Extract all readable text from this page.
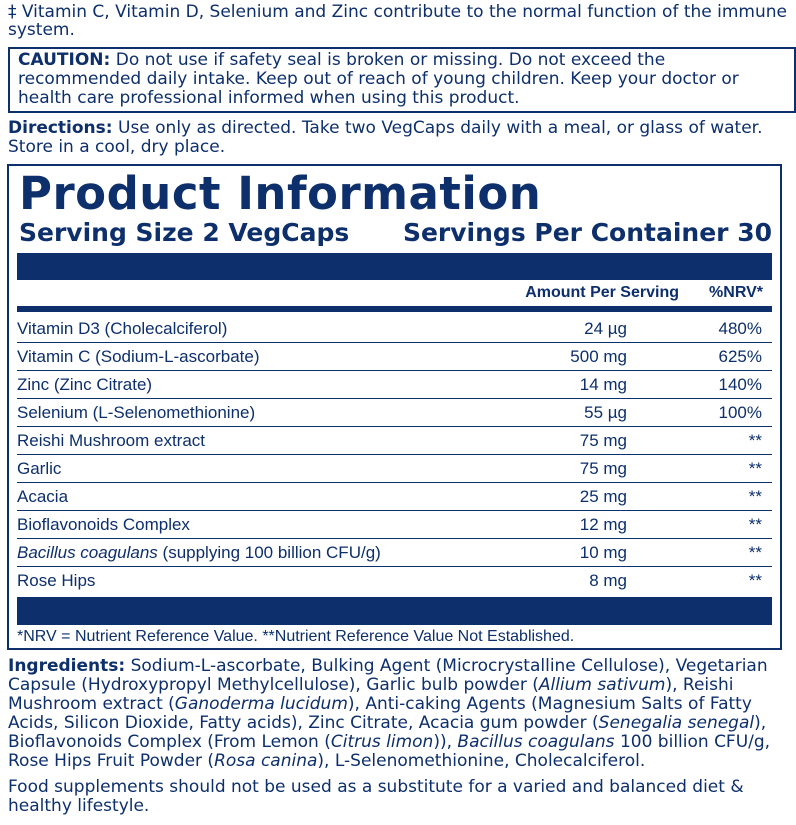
‡ Vitamin C, Vitamin D, Selenium and Zinc contribute to the normal function of the immune system.
CAUTION: Do not use if safety seal is broken or missing. Do not exceed the recommended daily intake. Keep out of reach of young children. Keep your doctor or health care professional informed when using this product.
Directions: Use only as directed. Take two VegCaps daily with a meal, or glass of water. Store in a cool, dry place.
Product Information
Serving Size 2 VegCaps Servings Per Container 30
Amount Per Serving	%NRV*
Vitamin D3 (Cholecalciferol)	24 µg	480%
Vitamin C (Sodium-L-ascorbate)	500 mg	625%
Zinc (Zinc Citrate)	14 mg	140%
Selenium (L-Selenomethionine)	55 µg	100%
Reishi Mushroom extract	75 mg	**
Garlic	75 mg	**
Acacia	25 mg	**
Bioflavonoids Complex	12 mg	**
Bacillus coagulans (supplying 100 billion CFU/g)	10 mg	**
Rose Hips	8 mg	**
*NRV = Nutrient Reference Value. **Nutrient Reference Value Not Established.
Ingredients: Sodium-L-ascorbate, Bulking Agent (Microcrystalline Cellulose), Vegetarian Capsule (Hydroxypropyl Methylcellulose), Garlic bulb powder (Allium sativum), Reishi Mushroom extract (Ganoderma lucidum), Anti-caking Agents (Magnesium Salts of Fatty Acids, Silicon Dioxide, Fatty acids), Zinc Citrate, Acacia gum powder (Senegalia senegal), Bioflavonoids Complex (From Lemon (Citrus limon)), Bacillus coagulans 100 billion CFU/g, Rose Hips Fruit Powder (Rosa canina), L-Selenomethionine, Cholecalciferol.
Food supplements should not be used as a substitute for a varied and balanced diet & healthy lifestyle.
